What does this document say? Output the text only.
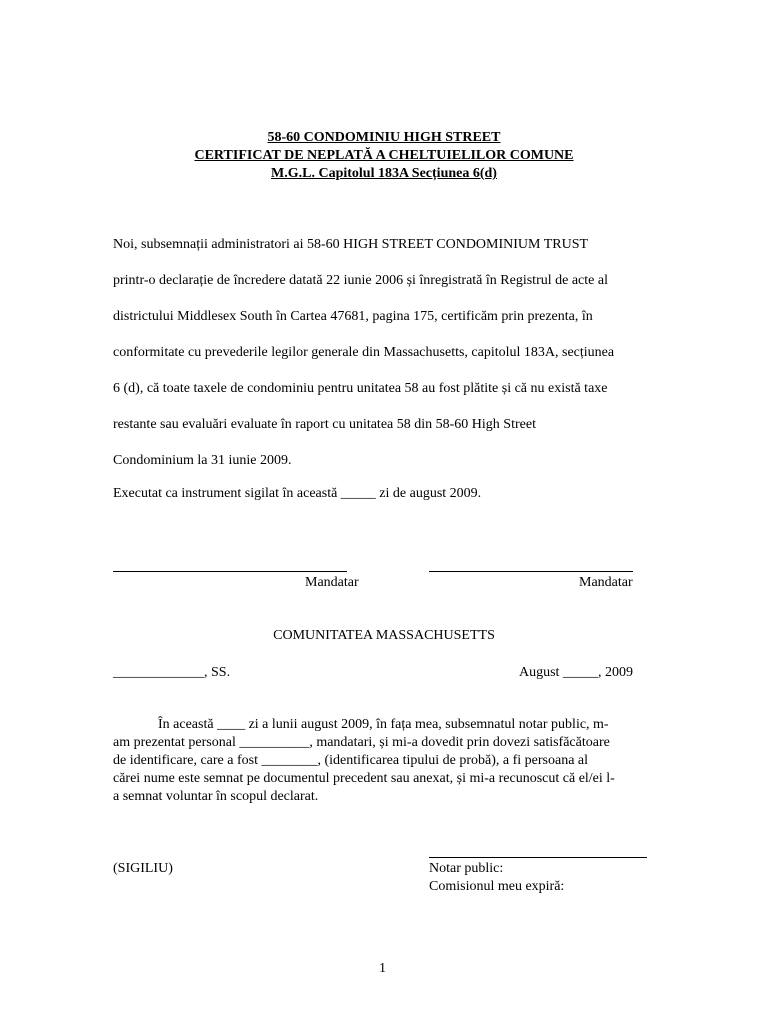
58-60 CONDOMINIU HIGH STREET
CERTIFICAT DE NEPLATĂ A CHELTUIELILOR COMUNE
M.G.L. Capitolul 183A Secțiunea 6(d)
Noi, subsemnații administratori ai 58-60 HIGH STREET CONDOMINIUM TRUST
printr-o declarație de încredere datată 22 iunie 2006 și înregistrată în Registrul de acte al
districtului Middlesex South în Cartea 47681, pagina 175, certificăm prin prezenta, în
conformitate cu prevederile legilor generale din Massachusetts, capitolul 183A, secțiunea
6 (d), că toate taxele de condominiu pentru unitatea 58 au fost plătite și că nu există taxe
restante sau evaluări evaluate în raport cu unitatea 58 din 58-60 High Street
Condominium la 31 iunie 2009.
Executat ca instrument sigilat în această _____ zi de august 2009.
Mandatar	Mandatar
COMUNITATEA MASSACHUSETTS
_____________, SS.	August _____, 2009
În această ____ zi a lunii august 2009, în fața mea, subsemnatul notar public, m-
am prezentat personal __________, mandatari, și mi-a dovedit prin dovezi satisfăcătoare
de identificare, care a fost ________, (identificarea tipului de probă), a fi persoana al
cărei nume este semnat pe documentul precedent sau anexat, și mi-a recunoscut că el/ei l-
a semnat voluntar în scopul declarat.
(SIGILIU)	Notar public:
Comisionul meu expiră:
1
